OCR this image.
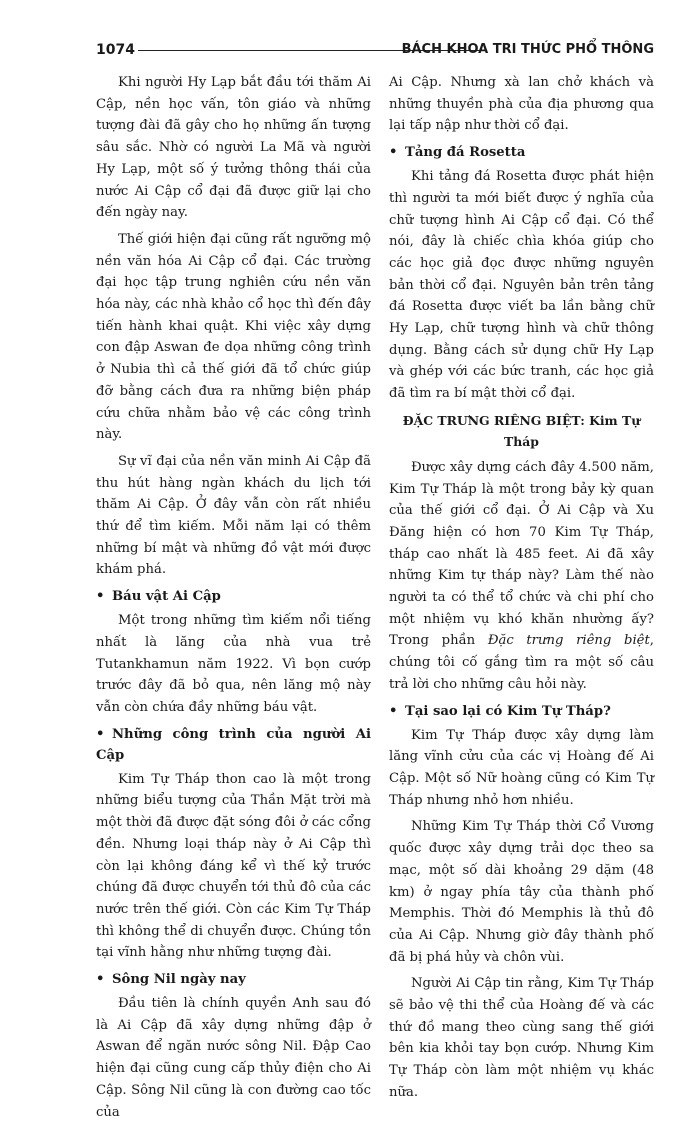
1074	BÁCH KHOA TRI THỨC PHỔ THÔNG

Khi người Hy Lạp bắt đầu tới thăm Ai Cập, nền học vấn, tôn giáo và những tượng đài đã gây cho họ những ấn tượng sâu sắc. Nhờ có người La Mã và người Hy Lạp, một số ý tưởng thông thái của nước Ai Cập cổ đại đã được giữ lại cho đến ngày nay.

Thế giới hiện đại cũng rất ngưỡng mộ nền văn hóa Ai Cập cổ đại. Các trường đại học tập trung nghiên cứu nền văn hóa này, các nhà khảo cổ học thì đến đây tiến hành khai quật. Khi việc xây dựng con đập Aswan đe dọa những công trình ở Nubia thì cả thế giới đã tổ chức giúp đỡ bằng cách đưa ra những biện pháp cứu chữa nhằm bảo vệ các công trình này.

Sự vĩ đại của nền văn minh Ai Cập đã thu hút hàng ngàn khách du lịch tới thăm Ai Cập. Ở đây vẫn còn rất nhiều thứ để tìm kiếm. Mỗi năm lại có thêm những bí mật và những đồ vật mới được khám phá.

• Báu vật Ai Cập

Một trong những tìm kiếm nổi tiếng nhất là lăng của nhà vua trẻ Tutankhamun năm 1922. Vì bọn cướp trước đây đã bỏ qua, nên lăng mộ này vẫn còn chứa đầy những báu vật.

• Những công trình của người Ai Cập

Kim Tự Tháp thon cao là một trong những biểu tượng của Thần Mặt trời mà một thời đã được đặt sóng đôi ở các cổng đền. Nhưng loại tháp này ở Ai Cập thì còn lại không đáng kể vì thế kỷ trước chúng đã được chuyển tới thủ đô của các nước trên thế giới. Còn các Kim Tự Tháp thì không thể di chuyển được. Chúng tồn tại vĩnh hằng như những tượng đài.

• Sông Nil ngày nay

Đầu tiên là chính quyền Anh sau đó là Ai Cập đã xây dựng những đập ở Aswan để ngăn nước sông Nil. Đập Cao hiện đại cũng cung cấp thủy điện cho Ai Cập. Sông Nil cũng là con đường cao tốc của

Ai Cập. Nhưng xà lan chở khách và những thuyền phà của địa phương qua lại tấp nập như thời cổ đại.

• Tảng đá Rosetta

Khi tảng đá Rosetta được phát hiện thì người ta mới biết được ý nghĩa của chữ tượng hình Ai Cập cổ đại. Có thể nói, đây là chiếc chìa khóa giúp cho các học giả đọc được những nguyên bản thời cổ đại. Nguyên bản trên tảng đá Rosetta được viết ba lần bằng chữ Hy Lạp, chữ tượng hình và chữ thông dụng. Bằng cách sử dụng chữ Hy Lạp và ghép với các bức tranh, các học giả đã tìm ra bí mật thời cổ đại.

ĐẶC TRƯNG RIÊNG BIỆT: Kim Tự Tháp

Được xây dựng cách đây 4.500 năm, Kim Tự Tháp là một trong bảy kỳ quan của thế giới cổ đại. Ở Ai Cập và Xu Đăng hiện có hơn 70 Kim Tự Tháp, tháp cao nhất là 485 feet. Ai đã xây những Kim tự tháp này? Làm thế nào người ta có thể tổ chức và chi phí cho một nhiệm vụ khó khăn nhường ấy? Trong phần Đặc trưng riêng biệt, chúng tôi cố gắng tìm ra một số câu trả lời cho những câu hỏi này.

• Tại sao lại có Kim Tự Tháp?

Kim Tự Tháp được xây dựng làm lăng vĩnh cửu của các vị Hoàng đế Ai Cập. Một số Nữ hoàng cũng có Kim Tự Tháp nhưng nhỏ hơn nhiều.

Những Kim Tự Tháp thời Cổ Vương quốc được xây dựng trải dọc theo sa mạc, một số dài khoảng 29 dặm (48 km) ở ngay phía tây của thành phố Memphis. Thời đó Memphis là thủ đô của Ai Cập. Nhưng giờ đây thành phố đã bị phá hủy và chôn vùi.

Người Ai Cập tin rằng, Kim Tự Tháp sẽ bảo vệ thi thể của Hoàng đế và các thứ đồ mang theo cùng sang thế giới bên kia khỏi tay bọn cướp. Nhưng Kim Tự Tháp còn làm một nhiệm vụ khác nữa.
